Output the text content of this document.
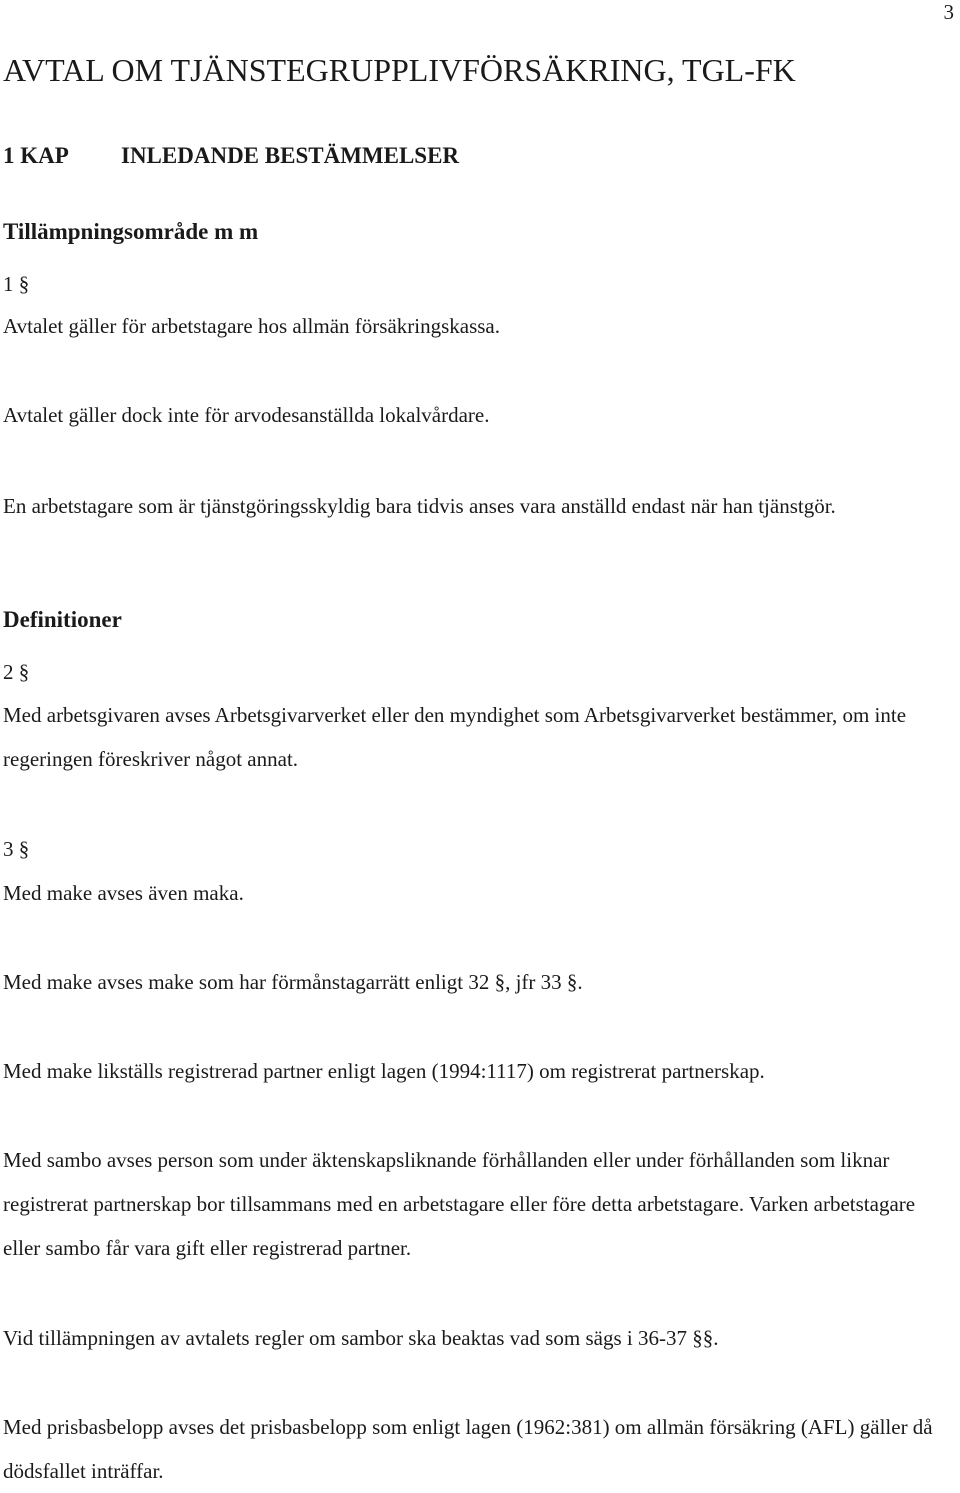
3
AVTAL OM TJÄNSTEGRUPPLIVFÖRSÄKRING, TGL-FK
1 KAP INLEDANDE BESTÄMMELSER
Tillämpningsområde m m
1 §

Avtalet gäller för arbetstagare hos allmän försäkringskassa.

Avtalet gäller dock inte för arvodesanställda lokalvårdare.

En arbetstagare som är tjänstgöringsskyldig bara tidvis anses vara anställd endast när han tjänstgör.

Definitioner
2 §

Med arbetsgivaren avses Arbetsgivarverket eller den myndighet som Arbetsgivarverket bestämmer, om inte regeringen föreskriver något annat.

3 §

Med make avses även maka.

Med make avses make som har förmånstagarrätt enligt 32 §, jfr 33 §.

Med make likställs registrerad partner enligt lagen (1994:1117) om registrerat partnerskap.

Med sambo avses person som under äktenskapsliknande förhållanden eller under förhållanden som liknar registrerat partnerskap bor tillsammans med en arbetstagare eller före detta arbetstagare. Varken arbetstagare eller sambo får vara gift eller registrerad partner.

Vid tillämpningen av avtalets regler om sambor ska beaktas vad som sägs i 36-37 §§.

Med prisbasbelopp avses det prisbasbelopp som enligt lagen (1962:381) om allmän försäkring (AFL) gäller då dödsfallet inträffar.
